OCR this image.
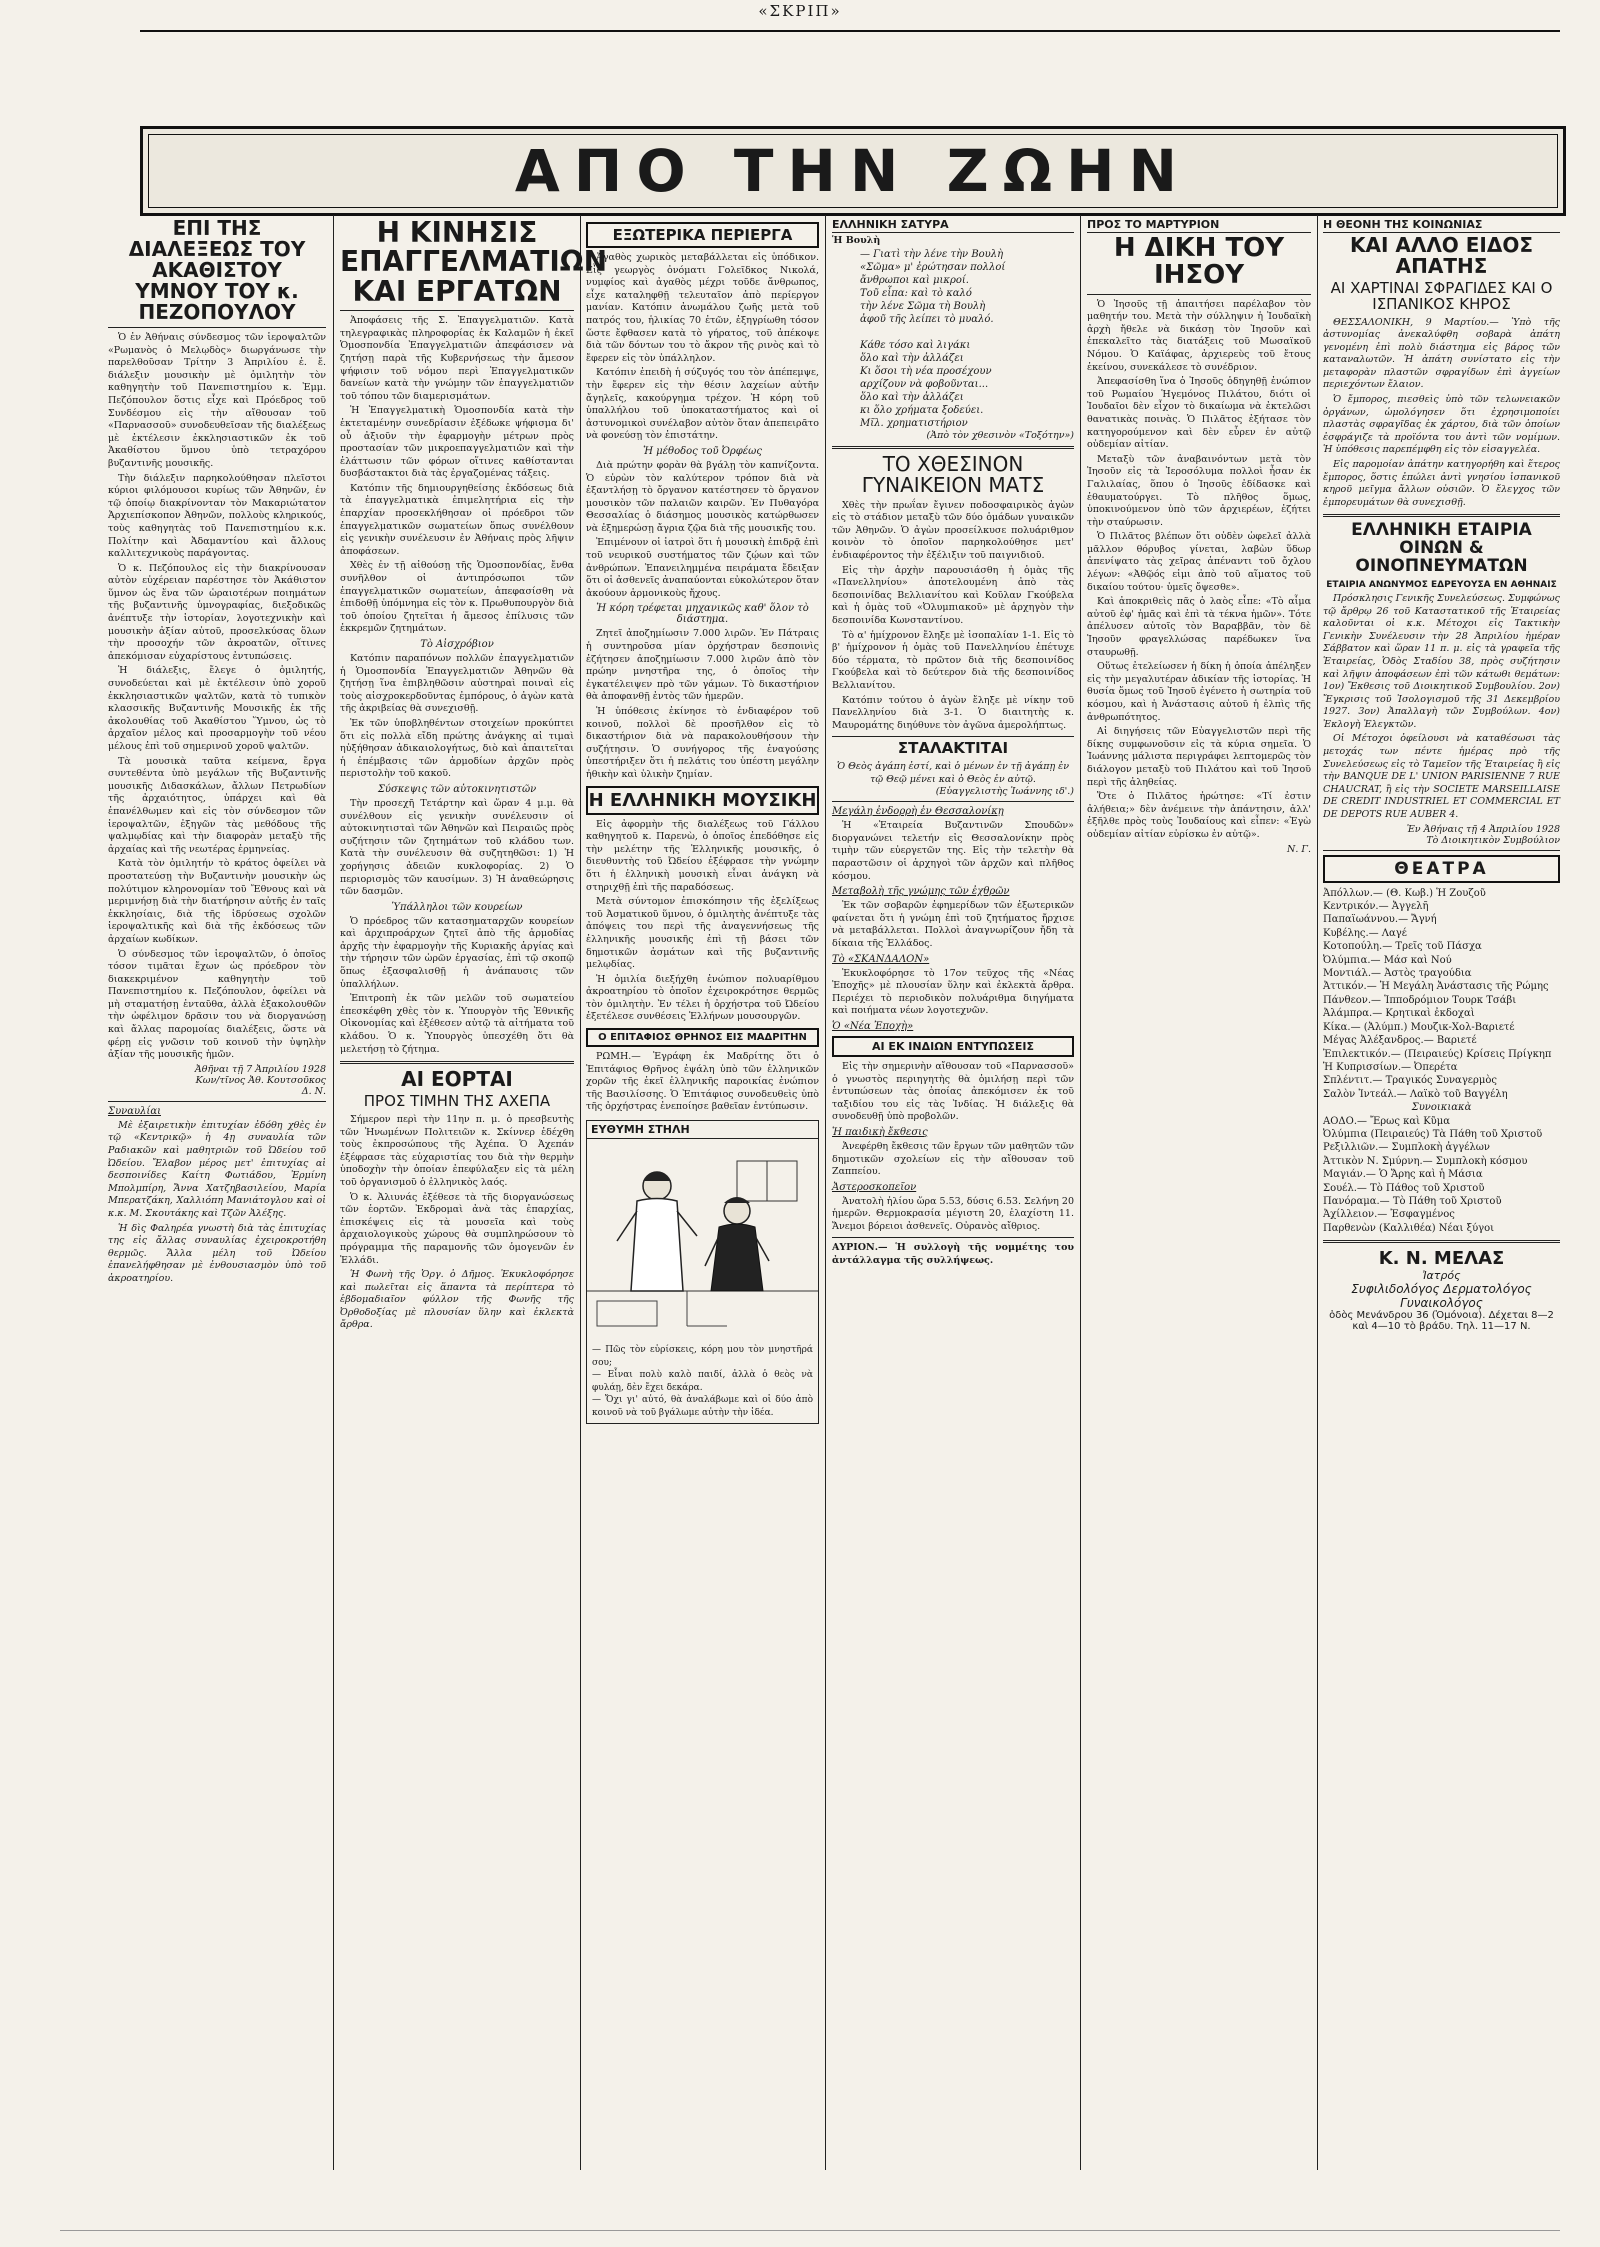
«ΣΚΡΙΠ»
ΑΠΟ ΤΗΝ ΖΩΗΝ
ΕΠΙ ΤΗΣ ΔΙΑΛΕΞΕΩΣ ΤΟΥ ΑΚΑΘΙΣΤΟΥ ΥΜΝΟΥ ΤΟΥ κ. ΠΕΖΟΠΟΥΛΟΥ

Ὁ ἐν Ἀθήναις σύνδεσμος τῶν ἱεροψαλτῶν «Ρωμανὸς ὁ Μελῳδὸς» διωργάνωσε τὴν παρελθοῦσαν Τρίτην 3 Ἀπριλίου ἐ. ἔ. διάλεξιν μουσικὴν μὲ ὁμιλητὴν τὸν καθηγητὴν τοῦ Πανεπιστημίου κ. Ἐμμ. Πεζόπουλον ὅστις εἶχε καὶ Πρόεδρος τοῦ Συνδέσμου εἰς τὴν αἴθουσαν τοῦ «Παρνασσοῦ» συνοδευθεῖσαν τῆς διαλέξεως μὲ ἐκτέλεσιν ἐκκλησιαστικῶν ἐκ τοῦ Ἀκαθίστου ὕμνου ὑπὸ τετραχόρου βυζαντινῆς μουσικῆς.

Τὴν διάλεξιν παρηκολούθησαν πλεῖστοι κύριοι φιλόμουσοι κυρίως τῶν Ἀθηνῶν, ἐν τῷ ὁποίῳ διακρίνονταν τὸν Μακαριώτατον Ἀρχιεπίσκοπον Ἀθηνῶν, πολλοὺς κληρικούς, τοὺς καθηγητὰς τοῦ Πανεπιστημίου κ.κ. Πολίτην καὶ Ἀδαμαντίου καὶ ἄλλους καλλιτεχνικοὺς παράγοντας.

Ὁ κ. Πεζόπουλος εἰς τὴν διακρίνουσαν αὐτὸν εὐχέρειαν παρέστησε τὸν Ἀκάθιστον ὕμνον ὡς ἕνα τῶν ὡραιοτέρων ποιημάτων τῆς βυζαντινῆς ὑμνογραφίας, διεξοδικῶς ἀνέπτυξε τὴν ἱστορίαν, λογοτεχνικὴν καὶ μουσικὴν ἀξίαν αὐτοῦ, προσελκύσας ὅλων τὴν προσοχήν τῶν ἀκροατῶν, οἵτινες ἀπεκόμισαν εὐχαρίστους ἐντυπώσεις.

Ἡ διάλεξις, ἔλεγε ὁ ὁμιλητής, συνοδεύεται καὶ μὲ ἐκτέλεσιν ὑπὸ χοροῦ ἐκκλησιαστικῶν ψαλτῶν, κατὰ τὸ τυπικὸν κλασσικῆς Βυζαντινῆς Μουσικῆς ἐκ τῆς ἀκολουθίας τοῦ Ἀκαθίστου Ὕμνου, ὡς τὸ ἀρχαῖον μέλος καὶ προσαρμογὴν τοῦ νέου μέλους ἐπὶ τοῦ σημερινοῦ χοροῦ ψαλτῶν.

Τὰ μουσικὰ ταῦτα κείμενα, ἔργα συντεθέντα ὑπὸ μεγάλων τῆς Βυζαντινῆς μουσικῆς Διδασκάλων, ἄλλων Πετρωδίων τῆς ἀρχαιότητος, ὑπάρχει καὶ θὰ ἐπανέλθωμεν καὶ εἰς τὸν σύνδεσμον τῶν ἱεροψαλτῶν, ἐξηγῶν τὰς μεθόδους τῆς ψαλμῳδίας καὶ τὴν διαφορὰν μεταξὺ τῆς ἀρχαίας καὶ τῆς νεωτέρας ἑρμηνείας.

Κατὰ τὸν ὁμιλητήν τὸ κράτος ὀφείλει νὰ προστατεύσῃ τὴν Βυζαντινὴν μουσικὴν ὡς πολύτιμον κληρονομίαν τοῦ Ἔθνους καὶ νὰ μεριμνήσῃ διὰ τὴν διατήρησιν αὐτῆς ἐν ταῖς ἐκκλησίαις, διὰ τῆς ἱδρύσεως σχολῶν ἱεροψαλτικῆς καὶ διὰ τῆς ἐκδόσεως τῶν ἀρχαίων κωδίκων.

Ὁ σύνδεσμος τῶν ἱεροψαλτῶν, ὁ ὁποῖος τόσον τιμᾶται ἔχων ὡς πρόεδρον τὸν διακεκριμένον καθηγητὴν τοῦ Πανεπιστημίου κ. Πεζόπουλον, ὀφείλει νὰ μὴ σταματήσῃ ἐνταῦθα, ἀλλὰ ἐξακολουθῶν τὴν ὠφέλιμον δρᾶσιν του νὰ διοργανώσῃ καὶ ἄλλας παρομοίας διαλέξεις, ὥστε νὰ φέρῃ εἰς γνῶσιν τοῦ κοινοῦ τὴν ὑψηλὴν ἀξίαν τῆς μουσικῆς ἡμῶν.

Ἀθῆναι τῇ 7 Ἀπριλίου 1928
Κων/τῖνος Ἀθ. Κουτσοῦκος
Δ. Ν.
Συναυλίαι

Μὲ ἐξαιρετικὴν ἐπιτυχίαν ἐδόθη χθὲς ἐν τῷ «Κεντρικῷ» ἡ 4ῃ συναυλία τῶν Ραδιακῶν καὶ μαθητριῶν τοῦ Ὠδείου τοῦ Ὠδείου. Ἔλαβον μέρος μετ' ἐπιτυχίας αἱ δεσποινίδες Καίτη Φωτιάδου, Ἐρμίνη Μπολμπίρη, Ἄννα Χατζηβασιλείου, Μαρία Μπερατζάκη, Χαλλιόπη Μανιάτογλου καὶ οἱ κ.κ. Μ. Σκουτάκης καὶ Τζῶν Ἀλέξης.

Ἡ δὶς Φαληρέα γνωστὴ διὰ τὰς ἐπιτυχίας της εἰς ἄλλας συναυλίας ἐχειροκροτήθη θερμῶς. Ἄλλα μέλη τοῦ Ὠδείου ἐπανελήφθησαν μὲ ἐνθουσιασμὸν ὑπὸ τοῦ ἀκροατηρίου.

Η ΚΙΝΗΣΙΣ ΕΠΑΓΓΕΛΜΑΤΙΩΝ ΚΑΙ ΕΡΓΑΤΩΝ

Ἀποφάσεις τῆς Σ. Ἐπαγγελματιῶν. Κατὰ τηλεγραφικὰς πληροφορίας ἐκ Καλαμῶν ἡ ἐκεῖ Ὁμοσπονδία Ἐπαγγελματιῶν ἀπεφάσισεν νὰ ζητήσῃ παρὰ τῆς Κυβερνήσεως τὴν ἄμεσον ψήφισιν τοῦ νόμου περὶ Ἐπαγγελματικῶν δανείων κατὰ τὴν γνώμην τῶν ἐπαγγελματιῶν τοῦ τόπου τῶν διαμερισμάτων.

Ἡ Ἐπαγγελματικὴ Ὁμοσπονδία κατὰ τὴν ἐκτεταμένην συνεδρίασιν ἐξέδωκε ψήφισμα δι' οὗ ἀξιοῦν τὴν ἐφαρμογὴν μέτρων πρὸς προστασίαν τῶν μικροεπαγγελματιῶν καὶ τὴν ἐλάττωσιν τῶν φόρων οἵτινες καθίστανται δυσβάστακτοι διὰ τὰς ἐργαζομένας τάξεις.

Κατόπιν τῆς δημιουργηθείσης ἐκδόσεως διὰ τὰ ἐπαγγελματικὰ ἐπιμελητήρια εἰς τὴν ἐπαρχίαν προσεκλήθησαν οἱ πρόεδροι τῶν ἐπαγγελματικῶν σωματείων ὅπως συνέλθουν εἰς γενικὴν συνέλευσιν ἐν Ἀθήναις πρὸς λῆψιν ἀποφάσεων.

Χθὲς ἐν τῇ αἰθούσῃ τῆς Ὁμοσπονδίας, ἔνθα συνῆλθον οἱ ἀντιπρόσωποι τῶν ἐπαγγελματικῶν σωματείων, ἀπεφασίσθη νὰ ἐπιδοθῇ ὑπόμνημα εἰς τὸν κ. Πρωθυπουργὸν διὰ τοῦ ὁποίου ζητεῖται ἡ ἄμεσος ἐπίλυσις τῶν ἐκκρεμῶν ζητημάτων.

Τὸ Αἰσχρόβιον

Κατόπιν παραπόνων πολλῶν ἐπαγγελματιῶν ἡ Ὁμοσπονδία Ἐπαγγελματιῶν Ἀθηνῶν θὰ ζητήσῃ ἵνα ἐπιβληθῶσιν αὐστηραὶ ποιναὶ εἰς τοὺς αἰσχροκερδοῦντας ἐμπόρους, ὁ ἀγὼν κατὰ τῆς ἀκριβείας θὰ συνεχισθῇ.

Ἐκ τῶν ὑποβληθέντων στοιχείων προκύπτει ὅτι εἰς πολλὰ εἴδη πρώτης ἀνάγκης αἱ τιμαὶ ηὐξήθησαν ἀδικαιολογήτως, διὸ καὶ ἀπαιτεῖται ἡ ἐπέμβασις τῶν ἁρμοδίων ἀρχῶν πρὸς περιστολὴν τοῦ κακοῦ.

Σύσκεψις τῶν αὐτοκινητιστῶν

Τὴν προσεχῆ Τετάρτην καὶ ὥραν 4 μ.μ. θὰ συνέλθουν εἰς γενικὴν συνέλευσιν οἱ αὐτοκινητισταὶ τῶν Ἀθηνῶν καὶ Πειραιῶς πρὸς συζήτησιν τῶν ζητημάτων τοῦ κλάδου των. Κατὰ τὴν συνέλευσιν θὰ συζητηθῶσι: 1) Ἡ χορήγησις ἀδειῶν κυκλοφορίας. 2) Ὁ περιορισμὸς τῶν καυσίμων. 3) Ἡ ἀναθεώρησις τῶν δασμῶν.

Ὑπάλληλοι τῶν κουρείων

Ὁ πρόεδρος τῶν κατασηματαρχῶν κουρείων καὶ ἀρχιπροάρχων ζητεῖ ἀπὸ τῆς ἀρμοδίας ἀρχῆς τὴν ἐφαρμογὴν τῆς Κυριακῆς ἀργίας καὶ τὴν τήρησιν τῶν ὡρῶν ἐργασίας, ἐπὶ τῷ σκοπῷ ὅπως ἐξασφαλισθῇ ἡ ἀνάπαυσις τῶν ὑπαλλήλων.

Ἐπιτροπὴ ἐκ τῶν μελῶν τοῦ σωματείου ἐπεσκέφθη χθὲς τὸν κ. Ὑπουργὸν τῆς Ἐθνικῆς Οἰκονομίας καὶ ἐξέθεσεν αὐτῷ τὰ αἰτήματα τοῦ κλάδου. Ὁ κ. Ὑπουργὸς ὑπεσχέθη ὅτι θὰ μελετήσῃ τὸ ζήτημα.

ΑΙ ΕΟΡΤΑΙ
ΠΡΟΣ ΤΙΜΗΝ ΤΗΣ ΑΧΕΠΑ

Σήμερον περὶ τὴν 11ην π. μ. ὁ πρεσβευτὴς τῶν Ἡνωμένων Πολιτειῶν κ. Σκίννερ ἐδέχθη τοὺς ἐκπροσώπους τῆς Ἀχέπα. Ὁ Ἀχεπάν ἐξέφρασε τὰς εὐχαριστίας του διὰ τὴν θερμὴν ὑποδοχὴν τὴν ὁποίαν ἐπεφύλαξεν εἰς τὰ μέλη τοῦ ὀργανισμοῦ ὁ ἑλληνικὸς λαός.

Ὁ κ. Ἀλιυνάς ἐξέθεσε τὰ τῆς διοργανώσεως τῶν ἑορτῶν. Ἐκδρομαὶ ἀνὰ τὰς ἐπαρχίας, ἐπισκέψεις εἰς τὰ μουσεῖα καὶ τοὺς ἀρχαιολογικοὺς χώρους θὰ συμπληρώσουν τὸ πρόγραμμα τῆς παραμονῆς τῶν ὁμογενῶν ἐν Ἑλλάδι.

Ἡ Φωνὴ τῆς Ὁργ. ὁ Δῆμος. Ἐκυκλοφόρησε καὶ πωλεῖται εἰς ἅπαντα τὰ περίπτερα τὸ ἑβδομαδιαῖον φύλλον τῆς Φωνῆς τῆς Ὀρθοδοξίας μὲ πλουσίαν ὕλην καὶ ἐκλεκτὰ ἄρθρα.

ΕΞΩΤΕΡΙΚΑ ΠΕΡΙΕΡΓΑ

Ἀγαθὸς χωρικὸς μεταβάλλεται εἰς ὑπόδικον. Εἷς γεωργὸς ὀνόματι Γολεῖδκος Νικολά, νυμφίος καὶ ἀγαθὸς μέχρι τοῦδε ἄνθρωπος, εἶχε καταληφθῇ τελευταῖον ἀπὸ περίεργον μανίαν. Κατόπιν ἀνωμάλου ζωῆς μετὰ τοῦ πατρός του, ἡλικίας 70 ἐτῶν, ἐξηγρίωθη τόσον ὥστε ἔφθασεν κατὰ τὸ γήρατος, τοῦ ἀπέκοψε διὰ τῶν δόντων του τὸ ἄκρον τῆς ρινὸς καὶ τὸ ἔφερεν εἰς τὸν ὑπάλληλον.

Κατόπιν ἐπειδὴ ἡ σύζυγός του τὸν ἀπέπεμψε, τὴν ἔφερεν εἰς τὴν θέσιν λαχείων αὐτῆν ἄγηλεῖς, κακούργημα τρέχον. Ἡ κόρη τοῦ ὑπαλλήλου τοῦ ὑποκαταστήματος καὶ οἱ ἀστυνομικοὶ συνέλαβον αὐτὸν ὅταν ἀπεπειρᾶτο νὰ φονεύσῃ τὸν ἐπιστάτην.

Ἡ μέθοδος τοῦ Ὀρφέως

Διὰ πρώτην φορὰν θὰ βγάλῃ τὸν καπνίζοντα. Ὁ εὐρὼν τὸν καλύτερον τρόπον διὰ νὰ ἐξαντλήσῃ τὸ ὄργανον κατέστησεν τὸ ὄργανον μουσικὸν τῶν παλαιῶν καιρῶν. Ἐν Πυθαγόρα Θεσσαλίας ὁ διάσημος μουσικὸς κατώρθωσεν νὰ ἐξημερώσῃ ἄγρια ζῷα διὰ τῆς μουσικῆς του.

Ἐπιμένουν οἱ ἰατροὶ ὅτι ἡ μουσικὴ ἐπιδρᾷ ἐπὶ τοῦ νευρικοῦ συστήματος τῶν ζῴων καὶ τῶν ἀνθρώπων. Ἐπανειλημμένα πειράματα ἔδειξαν ὅτι οἱ ἀσθενεῖς ἀναπαύονται εὐκολώτερον ὅταν ἀκούουν ἁρμονικοὺς ἤχους.

Ἡ κόρη τρέφεται μηχανικῶς καθ' ὅλον τὸ διάστημα.

Ζητεῖ ἀποζημίωσιν 7.000 λιρῶν. Ἐν Πάτραις ἡ συντηροῦσα μίαν ὀρχήστραν δεσποινὶς ἐζήτησεν ἀποζημίωσιν 7.000 λιρῶν ἀπὸ τὸν πρώην μνηστῆρα της, ὁ ὁποῖος τὴν ἐγκατέλειψεν πρὸ τῶν γάμων. Τὸ δικαστήριον θὰ ἀποφανθῇ ἐντὸς τῶν ἡμερῶν.

Ἡ ὑπόθεσις ἐκίνησε τὸ ἐνδιαφέρον τοῦ κοινοῦ, πολλοὶ δὲ προσῆλθον εἰς τὸ δικαστήριον διὰ νὰ παρακολουθήσουν τὴν συζήτησιν. Ὁ συνήγορος τῆς ἐναγούσης ὑπεστήριξεν ὅτι ἡ πελάτις του ὑπέστη μεγάλην ἠθικὴν καὶ ὑλικὴν ζημίαν.

Η ΕΛΛΗΝΙΚΗ ΜΟΥΣΙΚΗ

Εἰς ἀφορμὴν τῆς διαλέξεως τοῦ Γάλλου καθηγητοῦ κ. Παρενὼ, ὁ ὁποῖος ἐπεδόθησε εἰς τὴν μελέτην τῆς Ἑλληνικῆς μουσικῆς, ὁ διευθυντὴς τοῦ Ὠδείου ἐξέφρασε τὴν γνώμην ὅτι ἡ ἑλληνικὴ μουσικὴ εἶναι ἀνάγκη νὰ στηριχθῇ ἐπὶ τῆς παραδόσεως.

Μετὰ σύντομον ἐπισκόπησιν τῆς ἐξελίξεως τοῦ Ἀσματικοῦ ὕμνου, ὁ ὁμιλητὴς ἀνέπτυξε τὰς ἀπόψεις του περὶ τῆς ἀναγεννήσεως τῆς ἑλληνικῆς μουσικῆς ἐπὶ τῇ βάσει τῶν δημοτικῶν ἀσμάτων καὶ τῆς βυζαντινῆς μελῳδίας.

Ἡ ὁμιλία διεξήχθη ἐνώπιον πολυαρίθμου ἀκροατηρίου τὸ ὁποῖον ἐχειροκρότησε θερμῶς τὸν ὁμιλητὴν. Ἐν τέλει ἡ ὀρχήστρα τοῦ Ὠδείου ἐξετέλεσε συνθέσεις Ἑλλήνων μουσουργῶν.

Ο ΕΠΙΤΑΦΙΟΣ ΘΡΗΝΟΣ ΕΙΣ ΜΑΔΡΙΤΗΝ

ΡΩΜΗ.— Ἐγράφη ἐκ Μαδρίτης ὅτι ὁ Ἐπιτάφιος Θρῆνος ἐψάλη ὑπὸ τῶν ἑλληνικῶν χορῶν τῆς ἐκεῖ ἑλληνικῆς παροικίας ἐνώπιον τῆς Βασιλίσσης. Ὁ Ἐπιτάφιος συνοδευθεὶς ὑπὸ τῆς ὀρχήστρας ἐνεποίησε βαθεῖαν ἐντύπωσιν.

ΕΥΘΥΜΗ ΣΤΗΛΗ
— Πῶς τὸν εὑρίσκεις, κόρη μου τὸν μνηστῆρά σου;
— Εἶναι πολὺ καλὸ παιδί, ἀλλὰ ὁ θεὸς νὰ φυλάῃ, δὲν ἔχει δεκάρα.
— Ὄχι γι' αὐτό, θὰ ἀναλάβωμε καὶ οἱ δύο ἀπὸ κοινοῦ νὰ τοῦ βγάλωμε αὐτὴν τὴν ἰδέα.
ΕΛΛΗΝΙΚΗ ΣΑΤΥΡΑ
Ἡ Βουλὴ
— Γιατὶ τὴν λένε τὴν Βουλὴ
«Σῶμα» μ' ἐρώτησαν πολλοί
ἄνθρωποι καὶ μικροί.
Τοῦ εἶπα: καὶ τὸ καλό
τὴν λένε Σῶμα τὴ Βουλὴ
ἀφοῦ τῆς λείπει τὸ μυαλό.

Κάθε τόσο καὶ λιγάκι
ὅλο καὶ τὴν ἀλλάζει
Κι ὅσοι τὴ νέα προσέχουν
αρχίζουν νὰ φοβοῦνται...
ὅλο καὶ τὴν ἀλλάζει
κι ὅλο χρήματα ξοδεύει.
Μῖλ. χρηματιστήριον
(Ἀπὸ τὸν χθεσινὸν «Τοξότην»)
ΤΟ ΧΘΕΣΙΝΟΝ ΓΥΝΑΙΚΕΙΟΝ ΜΑΤΣ

Χθὲς τὴν πρωΐαν ἔγινεν ποδοσφαιρικὸς ἀγὼν εἰς τὸ στάδιον μεταξὺ τῶν δύο ὁμάδων γυναικῶν τῶν Ἀθηνῶν. Ὁ ἀγὼν προσείλκυσε πολυάριθμον κοινὸν τὸ ὁποῖον παρηκολούθησε μετ' ἐνδιαφέροντος τὴν ἐξέλιξιν τοῦ παιγνιδιοῦ.

Εἰς τὴν ἀρχὴν παρουσιάσθη ἡ ὁμὰς τῆς «Πανελληνίου» ἀποτελουμένη ἀπὸ τὰς δεσποινίδας Βελλιανίτου καὶ Κοῦλαν Γκούβελα καὶ ἡ ὁμὰς τοῦ «Ὀλυμπιακοῦ» μὲ ἀρχηγὸν τὴν δεσποινίδα Κωνσταντίνου.

Τὸ α' ἡμίχρονον ἔληξε μὲ ἰσοπαλίαν 1-1. Εἰς τὸ β' ἡμίχρονον ἡ ὁμὰς τοῦ Πανελληνίου ἐπέτυχε δύο τέρματα, τὸ πρῶτον διὰ τῆς δεσποινίδος Γκούβελα καὶ τὸ δεύτερον διὰ τῆς δεσποινίδος Βελλιανίτου.

Κατόπιν τούτου ὁ ἀγὼν ἔληξε μὲ νίκην τοῦ Πανελληνίου διὰ 3-1. Ὁ διαιτητὴς κ. Μαυρομάτης διηύθυνε τὸν ἀγῶνα ἀμερολήπτως.

ΣΤΑΛΑΚΤΙΤΑΙ
Ὁ Θεὸς ἀγάπη ἐστί, καὶ ὁ μένων ἐν τῇ ἀγάπῃ ἐν τῷ Θεῷ μένει καὶ ὁ Θεὸς ἐν αὐτῷ.
(Εὐαγγελιστὴς Ἰωάννης ιδ'.)
Μεγάλη ἐνδορρὴ ἐν Θεσσαλονίκῃ

Ἡ «Ἑταιρεία Βυζαντινῶν Σπουδῶν» διοργανώνει τελετήν εἰς Θεσσαλονίκην πρὸς τιμὴν τῶν εὐεργετῶν της. Εἰς τὴν τελετὴν θὰ παραστῶσιν οἱ ἀρχηγοὶ τῶν ἀρχῶν καὶ πλῆθος κόσμου.

Μεταβολὴ τῆς γνώμης τῶν ἐχθρῶν

Ἐκ τῶν σοβαρῶν ἐφημερίδων τῶν ἐξωτερικῶν φαίνεται ὅτι ἡ γνώμη ἐπὶ τοῦ ζητήματος ἤρχισε νὰ μεταβάλλεται. Πολλοὶ ἀναγνωρίζουν ἤδη τὰ δίκαια τῆς Ἑλλάδος.

Τὸ «ΣΚΑΝΔΑΛΟΝ»

Ἐκυκλοφόρησε τὸ 17ον τεῦχος τῆς «Νέας Ἐποχῆς» μὲ πλουσίαν ὕλην καὶ ἐκλεκτὰ ἄρθρα. Περιέχει τὸ περιοδικὸν πολυάριθμα διηγήματα καὶ ποιήματα νέων λογοτεχνῶν.

Ὁ «Νέα Ἐποχὴ»
ΑΙ ΕΚ ΙΝΔΙΩΝ ΕΝΤΥΠΩΣΕΙΣ

Εἰς τὴν σημερινὴν αἴθουσαν τοῦ «Παρνασσοῦ» ὁ γνωστὸς περιηγητὴς θὰ ὁμιλήσῃ περὶ τῶν ἐντυπώσεων τὰς ὁποίας ἀπεκόμισεν ἐκ τοῦ ταξιδίου του εἰς τὰς Ἰνδίας. Ἡ διάλεξις θὰ συνοδευθῇ ὑπὸ προβολῶν.

Ἡ παιδικὴ ἔκθεσις

Ἀνεφέρθη ἔκθεσις τῶν ἔργων τῶν μαθητῶν τῶν δημοτικῶν σχολείων εἰς τὴν αἴθουσαν τοῦ Ζαππείου.

Ἀστεροσκοπεῖον

Ἀνατολὴ ἡλίου ὥρα 5.53, δύσις 6.53. Σελήνη 20 ἡμερῶν. Θερμοκρασία μέγιστη 20, ἐλαχίστη 11. Ἄνεμοι βόρειοι ἀσθενεῖς. Οὐρανὸς αἴθριος.

ΑΥΡΙΟΝ.— Ἡ συλλογὴ τῆς νομμέτης του ἀντάλλαγμα τῆς συλλήψεως.
ΠΡΟΣ ΤΟ ΜΑΡΤΥΡΙΟΝ
Η ΔΙΚΗ ΤΟΥ ΙΗΣΟΥ

Ὁ Ἰησοῦς τῇ ἀπαιτήσει παρέλαβον τὸν μαθητήν του. Μετὰ τὴν σύλληψιν ἡ Ἰουδαϊκὴ ἀρχὴ ἤθελε νὰ δικάσῃ τὸν Ἰησοῦν καὶ ἐπεκαλεῖτο τὰς διατάξεις τοῦ Μωσαϊκοῦ Νόμου. Ὁ Καϊάφας, ἀρχιερεὺς τοῦ ἔτους ἐκείνου, συνεκάλεσε τὸ συνέδριον.

Ἀπεφασίσθη ἵνα ὁ Ἰησοῦς ὁδηγηθῇ ἐνώπιον τοῦ Ρωμαίου Ἡγεμόνος Πιλάτου, διότι οἱ Ἰουδαῖοι δὲν εἶχον τὸ δικαίωμα νὰ ἐκτελῶσι θανατικὰς ποινὰς. Ὁ Πιλᾶτος ἐξήτασε τὸν κατηγορούμενον καὶ δὲν εὗρεν ἐν αὐτῷ οὐδεμίαν αἰτίαν.

Μεταξὺ τῶν ἀναβαινόντων μετὰ τὸν Ἰησοῦν εἰς τὰ Ἱεροσόλυμα πολλοὶ ἦσαν ἐκ Γαλιλαίας, ὅπου ὁ Ἰησοῦς ἐδίδασκε καὶ ἐθαυματούργει. Τὸ πλῆθος ὅμως, ὑποκινούμενον ὑπὸ τῶν ἀρχιερέων, ἐζήτει τὴν σταύρωσιν.

Ὁ Πιλᾶτος βλέπων ὅτι οὐδὲν ὠφελεῖ ἀλλὰ μᾶλλον θόρυβος γίνεται, λαβὼν ὕδωρ ἀπενίψατο τὰς χεῖρας ἀπέναντι τοῦ ὄχλου λέγων: «Ἀθῷός εἰμι ἀπὸ τοῦ αἵματος τοῦ δικαίου τούτου· ὑμεῖς ὄψεσθε».

Καὶ ἀποκριθεὶς πᾶς ὁ λαὸς εἶπε: «Τὸ αἷμα αὐτοῦ ἐφ' ἡμᾶς καὶ ἐπὶ τὰ τέκνα ἡμῶν». Τότε ἀπέλυσεν αὐτοῖς τὸν Βαραββᾶν, τὸν δὲ Ἰησοῦν φραγελλώσας παρέδωκεν ἵνα σταυρωθῇ.

Οὕτως ἐτελείωσεν ἡ δίκη ἡ ὁποία ἀπέληξεν εἰς τὴν μεγαλυτέραν ἀδικίαν τῆς ἱστορίας. Ἡ θυσία ὅμως τοῦ Ἰησοῦ ἐγένετο ἡ σωτηρία τοῦ κόσμου, καὶ ἡ Ἀνάστασις αὐτοῦ ἡ ἐλπὶς τῆς ἀνθρωπότητος.

Αἱ διηγήσεις τῶν Εὐαγγελιστῶν περὶ τῆς δίκης συμφωνοῦσιν εἰς τὰ κύρια σημεῖα. Ὁ Ἰωάννης μάλιστα περιγράφει λεπτομερῶς τὸν διάλογον μεταξὺ τοῦ Πιλάτου καὶ τοῦ Ἰησοῦ περὶ τῆς ἀληθείας.

Ὅτε ὁ Πιλᾶτος ἠρώτησε: «Τί ἐστιν ἀλήθεια;» δὲν ἀνέμεινε τὴν ἀπάντησιν, ἀλλ' ἐξῆλθε πρὸς τοὺς Ἰουδαίους καὶ εἶπεν: «Ἐγὼ οὐδεμίαν αἰτίαν εὑρίσκω ἐν αὐτῷ».

Ν. Γ.
Η ΘΕΟΝΗ ΤΗΣ ΚΟΙΝΩΝΙΑΣ
ΚΑΙ ΑΛΛΟ ΕΙΔΟΣ ΑΠΑΤΗΣ
ΑΙ ΧΑΡΤΙΝΑΙ ΣΦΡΑΓΙΔΕΣ ΚΑΙ Ο ΙΣΠΑΝΙΚΟΣ ΚΗΡΟΣ

ΘΕΣΣΑΛΟΝΙΚΗ, 9 Μαρτίου.— Ὑπὸ τῆς ἀστυνομίας ἀνεκαλύφθη σοβαρὰ ἀπάτη γενομένη ἐπὶ πολὺ διάστημα εἰς βάρος τῶν καταναλωτῶν. Ἡ ἀπάτη συνίστατο εἰς τὴν μεταφορὰν πλαστῶν σφραγίδων ἐπὶ ἀγγείων περιεχόντων ἔλαιον.

Ὁ ἔμπορος, πιεσθεὶς ὑπὸ τῶν τελωνειακῶν ὀργάνων, ὡμολόγησεν ὅτι ἐχρησιμοποίει πλαστὰς σφραγῖδας ἐκ χάρτου, διὰ τῶν ὁποίων ἐσφράγιζε τὰ προϊόντα του ἀντὶ τῶν νομίμων. Ἡ ὑπόθεσις παρεπέμφθη εἰς τὸν εἰσαγγελέα.

Εἰς παρομοίαν ἀπάτην κατηγορήθη καὶ ἕτερος ἔμπορος, ὅστις ἐπώλει ἀντὶ γνησίου ἰσπανικοῦ κηροῦ μεῖγμα ἄλλων οὐσιῶν. Ὁ ἔλεγχος τῶν ἐμπορευμάτων θὰ συνεχισθῇ.

ΕΛΛΗΝΙΚΗ ΕΤΑΙΡΙΑ ΟΙΝΩΝ & ΟΙΝΟΠΝΕΥΜΑΤΩΝ
ΕΤΑΙΡΙΑ ΑΝΩΝΥΜΟΣ ΕΔΡΕΥΟΥΣΑ ΕΝ ΑΘΗΝΑΙΣ

Πρόσκλησις Γενικῆς Συνελεύσεως. Συμφώνως τῷ ἄρθρῳ 26 τοῦ Καταστατικοῦ τῆς Ἑταιρείας καλοῦνται οἱ κ.κ. Μέτοχοι εἰς Τακτικὴν Γενικὴν Συνέλευσιν τὴν 28 Ἀπριλίου ἡμέραν Σάββατον καὶ ὥραν 11 π. μ. εἰς τὰ γραφεῖα τῆς Ἑταιρείας, Ὁδὸς Σταδίου 38, πρὸς συζήτησιν καὶ λῆψιν ἀποφάσεων ἐπὶ τῶν κάτωθι θεμάτων: 1ον) Ἔκθεσις τοῦ Διοικητικοῦ Συμβουλίου. 2ον) Ἔγκρισις τοῦ Ἰσολογισμοῦ τῆς 31 Δεκεμβρίου 1927. 3ον) Ἀπαλλαγὴ τῶν Συμβούλων. 4ον) Ἐκλογὴ Ἐλεγκτῶν.

Οἱ Μέτοχοι ὀφείλουσι νὰ καταθέσωσι τὰς μετοχάς των πέντε ἡμέρας πρὸ τῆς Συνελεύσεως εἰς τὸ Ταμεῖον τῆς Ἑταιρείας ἢ εἰς τὴν BANQUE DE L' UNION PARISIENNE 7 RUE CHAUCRAT, ἢ εἰς τὴν SOCIETE MARSEILLAISE DE CREDIT INDUSTRIEL ET COMMERCIAL ET DE DEPOTS RUE AUBER 4.

Ἐν Ἀθήναις τῇ 4 Ἀπριλίου 1928
Τὸ Διοικητικὸν Συμβούλιον
ΘΕΑΤΡΑ
Ἀπόλλων.— (Θ. Κωβ.) Ἡ Ζουζοῦ
Κεντρικόν.— Ἀγγελῆ
Παπαϊωάννου.— Ἄγνή
Κυβέλης.— Λαγέ
Κοτοπούλη.— Τρεῖς τοῦ Πάσχα
Ὀλύμπια.— Μάσ καὶ Νού
Μοντιάλ.— Ἀστὸς τραγούδια
Ἀττικόν.— Ἡ Μεγάλη Ἀνάστασις τῆς Ρώμης
Πάνθεον.— Ἱπποδρόμιον Τουρκ Τσάβι
Ἀλάμπρα.— Κρητικαὶ ἐκδοχαὶ
Κίκα.— (Ἀλύμπ.) Μουζικ-Χολ-Βαριετέ
Μέγας Ἀλέξανδρος.— Βαριετέ
Ἐπιλεκτικόν.— (Πειραιεύς) Κρίσεις Πρίγκηπ
Ἡ Κυπρισσίων.— Ὀπερέτα
Σπλέντιτ.— Τραγικός Συναγερμὸς
Σαλὸν Ἰντεάλ.— Λαϊκὸ τοῦ Βαγγέλη
Συνοικιακὰ
ΑΟΔΟ.— Ἔρως καὶ Κῦμα
Ὀλύμπια (Πειραιεύς) Τὰ Πάθη τοῦ Χριστοῦ
Ρεξιλλιῶν.— Συμπλοκὴ ἀγγέλων
Ἀττικὸν Ν. Σμύρνη.— Συμπλοκὴ κόσμου
Μαγιάν.— Ὁ Ἄρης καὶ ἡ Μάσια
Σουέλ.— Τὸ Πάθος τοῦ Χριστοῦ
Πανόραμα.— Τὸ Πάθη τοῦ Χριστοῦ
Ἀχίλλειον.— Ἐσφαγμένος
Παρθενὼν (Καλλιθέα) Νέαι ξύγοι
Κ. Ν. ΜΕΛΑΣ
Ἰατρός
Συφιλιδολόγος Δερματολόγος Γυναικολόγος
ὁδὸς Μενάνδρου 36 (Ὁμόνοια). Δέχεται 8—2 καὶ 4—10 τὸ βράδυ. Τηλ. 11—17 Ν.
